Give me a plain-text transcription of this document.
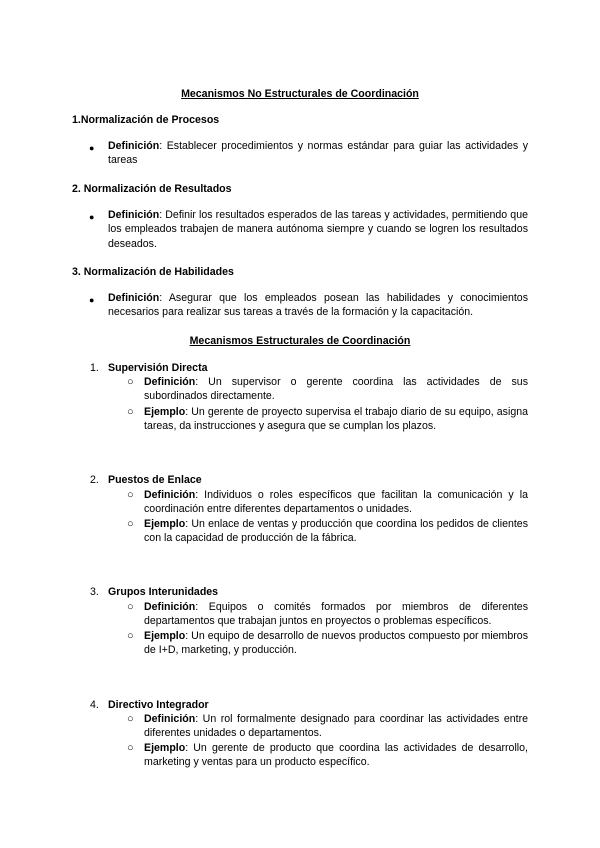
Mecanismos No Estructurales de Coordinación
1.Normalización de Procesos
● Definición: Establecer procedimientos y normas estándar para guiar las actividades y tareas
2. Normalización de Resultados
● Definición: Definir los resultados esperados de las tareas y actividades, permitiendo que los empleados trabajen de manera autónoma siempre y cuando se logren los resultados deseados.
3. Normalización de Habilidades
● Definición: Asegurar que los empleados posean las habilidades y conocimientos necesarios para realizar sus tareas a través de la formación y la capacitación.
Mecanismos Estructurales de Coordinación
1. Supervisión Directa
○ Definición: Un supervisor o gerente coordina las actividades de sus subordinados directamente.
○ Ejemplo: Un gerente de proyecto supervisa el trabajo diario de su equipo, asigna tareas, da instrucciones y asegura que se cumplan los plazos.
2. Puestos de Enlace
○ Definición: Individuos o roles específicos que facilitan la comunicación y la coordinación entre diferentes departamentos o unidades.
○ Ejemplo: Un enlace de ventas y producción que coordina los pedidos de clientes con la capacidad de producción de la fábrica.
3. Grupos Interunidades
○ Definición: Equipos o comités formados por miembros de diferentes departamentos que trabajan juntos en proyectos o problemas específicos.
○ Ejemplo: Un equipo de desarrollo de nuevos productos compuesto por miembros de I+D, marketing, y producción.
4. Directivo Integrador
○ Definición: Un rol formalmente designado para coordinar las actividades entre diferentes unidades o departamentos.
○ Ejemplo: Un gerente de producto que coordina las actividades de desarrollo, marketing y ventas para un producto específico.
